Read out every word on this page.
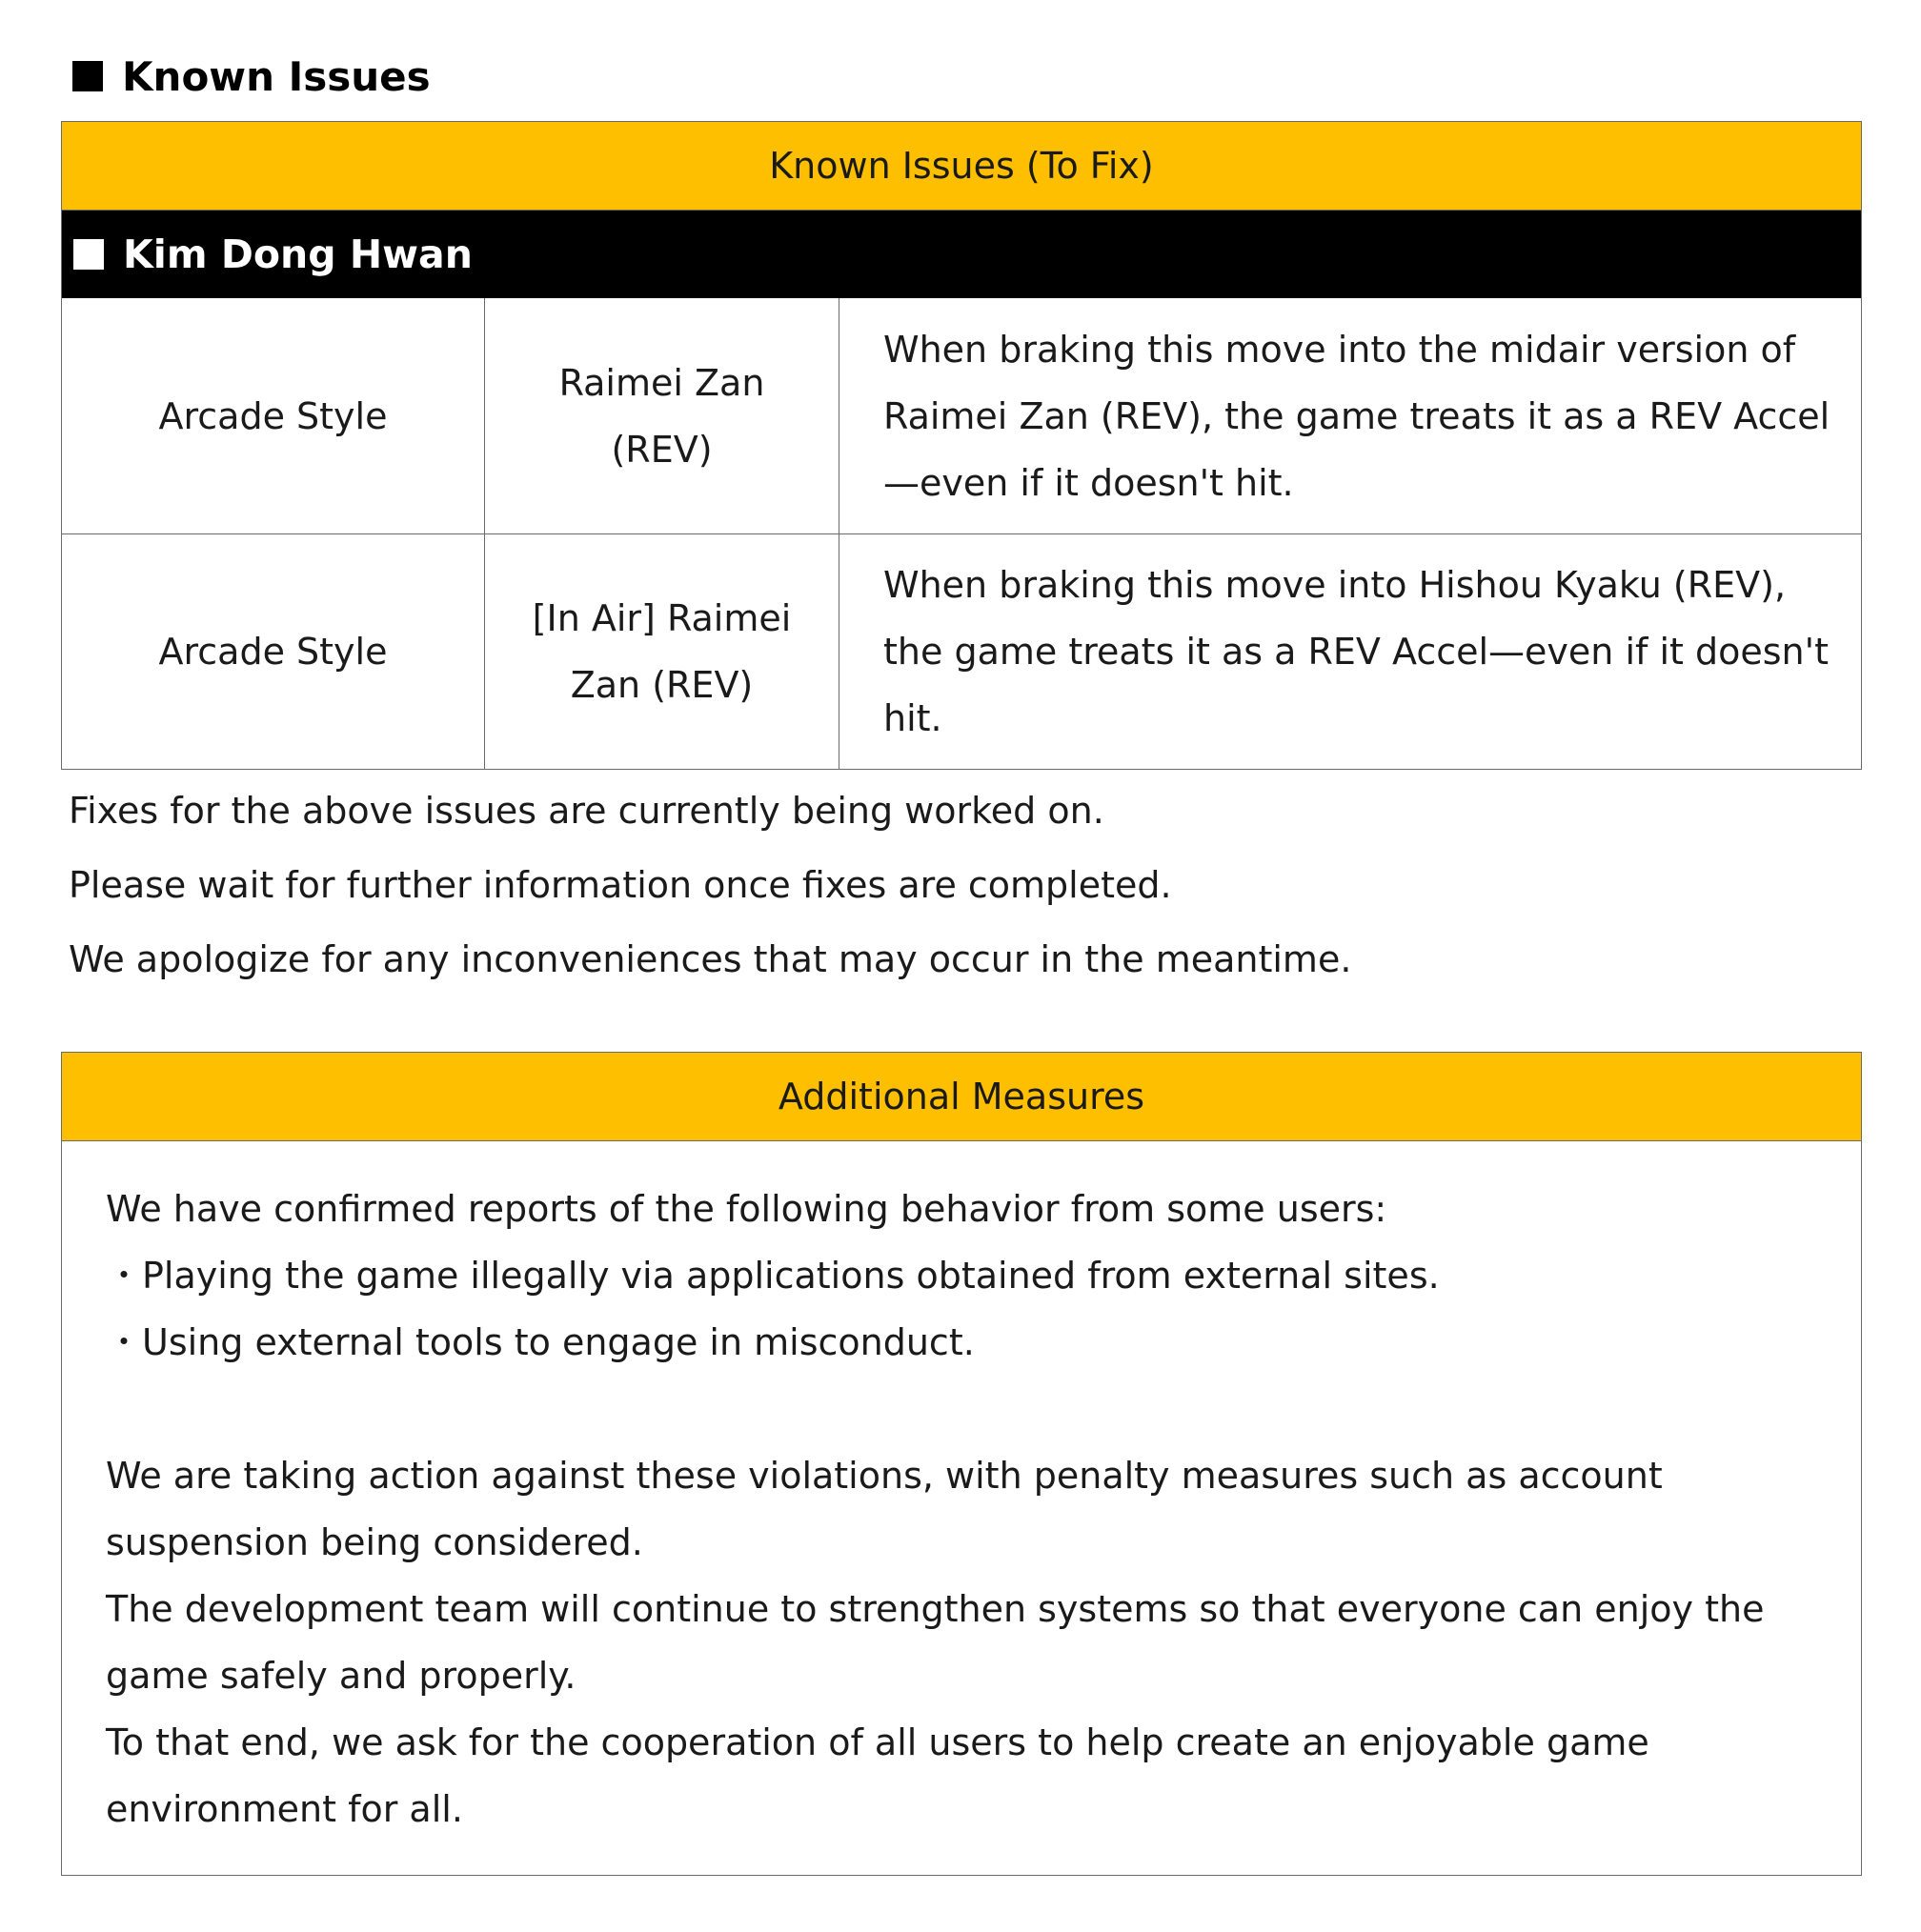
Known Issues
Known Issues (To Fix)
Kim Dong Hwan
Arcade Style
Raimei Zan (REV)
When braking this move into the midair version of Raimei Zan (REV), the game treats it as a REV Accel—even if it doesn't hit.
Arcade Style
[In Air] Raimei Zan (REV)
When braking this move into Hishou Kyaku (REV), the game treats it as a REV Accel—even if it doesn't hit.

Fixes for the above issues are currently being worked on.

Please wait for further information once fixes are completed.

We apologize for any inconveniences that may occur in the meantime.

Additional Measures

We have confirmed reports of the following behavior from some users:

・Playing the game illegally via applications obtained from external sites.

・Using external tools to engage in misconduct.

We are taking action against these violations, with penalty measures such as account suspension being considered.

The development team will continue to strengthen systems so that everyone can enjoy the game safely and properly.

To that end, we ask for the cooperation of all users to help create an enjoyable game environment for all.
